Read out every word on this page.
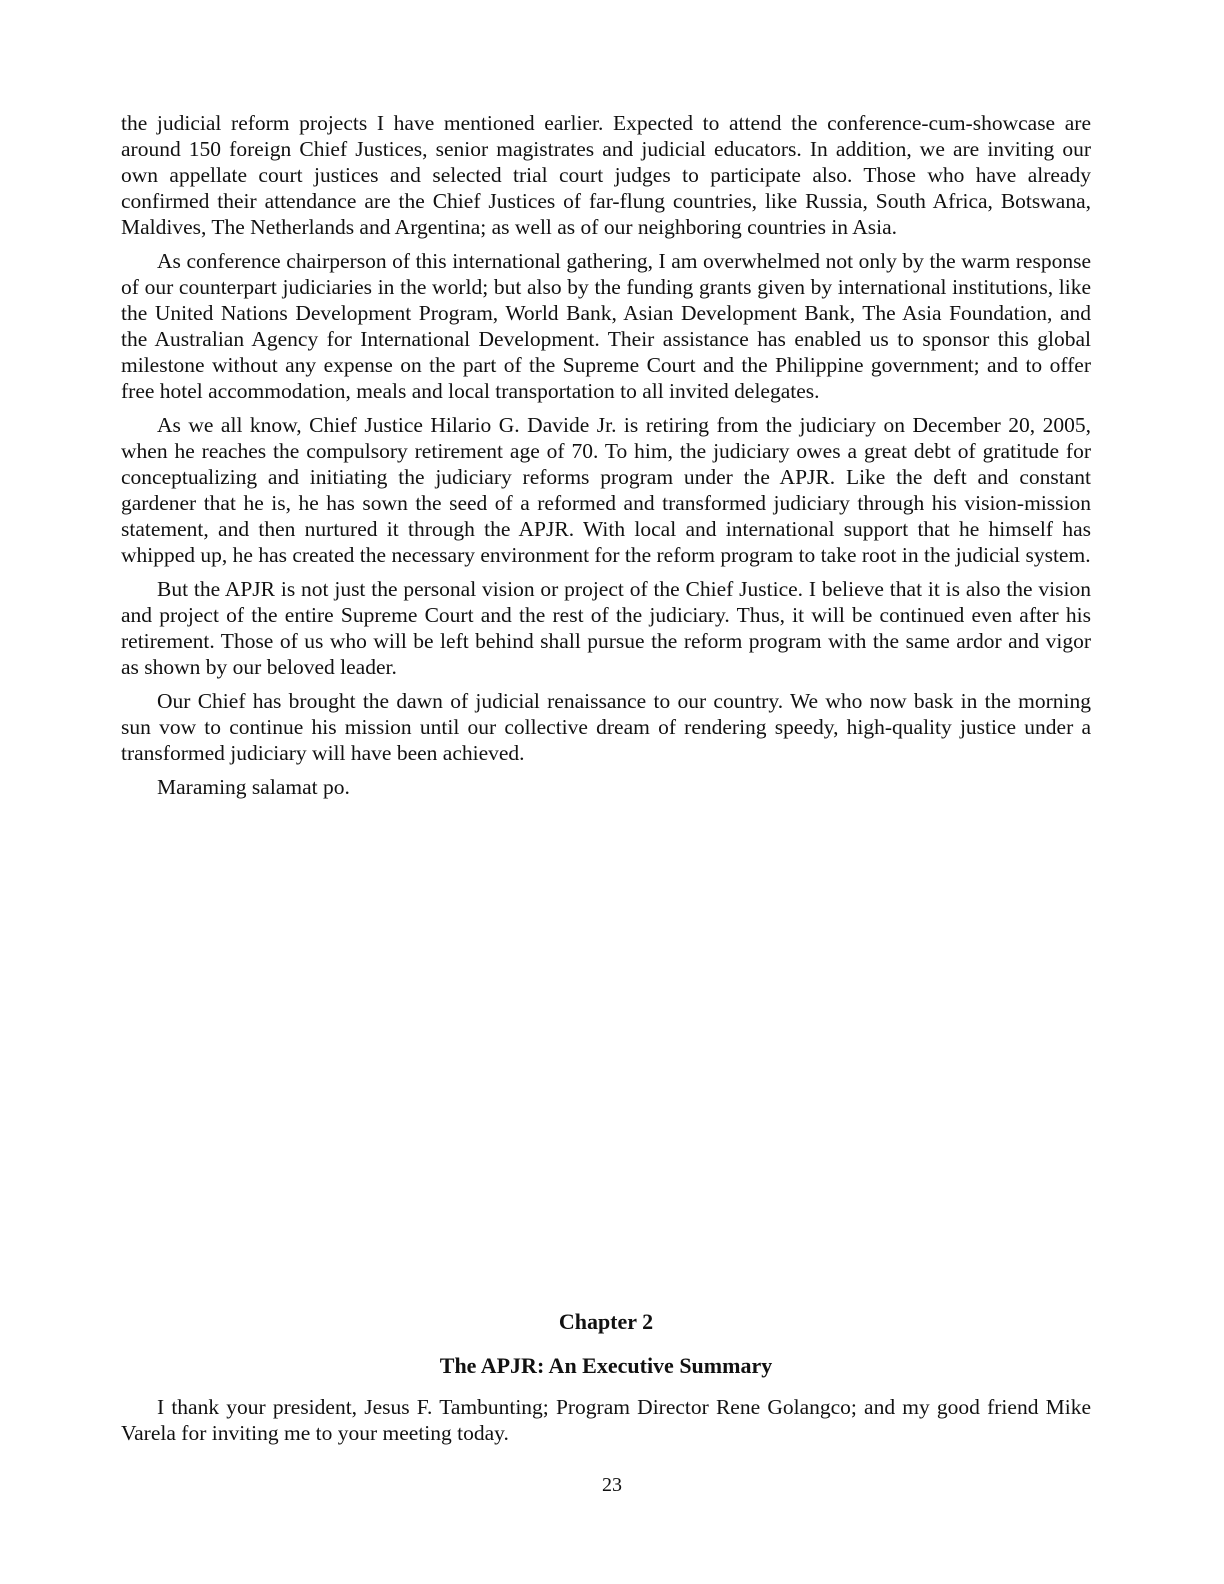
the judicial reform projects I have mentioned earlier. Expected to attend the conference-cum-showcase are around 150 foreign Chief Justices, senior magistrates and judicial educators. In addition, we are inviting our own appellate court justices and selected trial court judges to participate also. Those who have already confirmed their attendance are the Chief Justices of far-flung countries, like Russia, South Africa, Botswana, Maldives, The Netherlands and Argentina; as well as of our neighboring countries in Asia.

As conference chairperson of this international gathering, I am overwhelmed not only by the warm response of our counterpart judiciaries in the world; but also by the funding grants given by international institutions, like the United Nations Development Program, World Bank, Asian Development Bank, The Asia Foundation, and the Australian Agency for International Development. Their assistance has enabled us to sponsor this global milestone without any expense on the part of the Supreme Court and the Philippine government; and to offer free hotel accommodation, meals and local transportation to all invited delegates.

As we all know, Chief Justice Hilario G. Davide Jr. is retiring from the judiciary on December 20, 2005, when he reaches the compulsory retirement age of 70. To him, the judiciary owes a great debt of gratitude for conceptualizing and initiating the judiciary reforms program under the APJR. Like the deft and constant gardener that he is, he has sown the seed of a reformed and transformed judiciary through his vision-mission statement, and then nurtured it through the APJR. With local and international support that he himself has whipped up, he has created the necessary environment for the reform program to take root in the judicial system.

But the APJR is not just the personal vision or project of the Chief Justice. I believe that it is also the vision and project of the entire Supreme Court and the rest of the judiciary. Thus, it will be continued even after his retirement. Those of us who will be left behind shall pursue the reform program with the same ardor and vigor as shown by our beloved leader.

Our Chief has brought the dawn of judicial renaissance to our country. We who now bask in the morning sun vow to continue his mission until our collective dream of rendering speedy, high-quality justice under a transformed judiciary will have been achieved.

Maraming salamat po.

Chapter 2

The APJR: An Executive Summary

I thank your president, Jesus F. Tambunting; Program Director Rene Golangco; and my good friend Mike Varela for inviting me to your meeting today.

23
